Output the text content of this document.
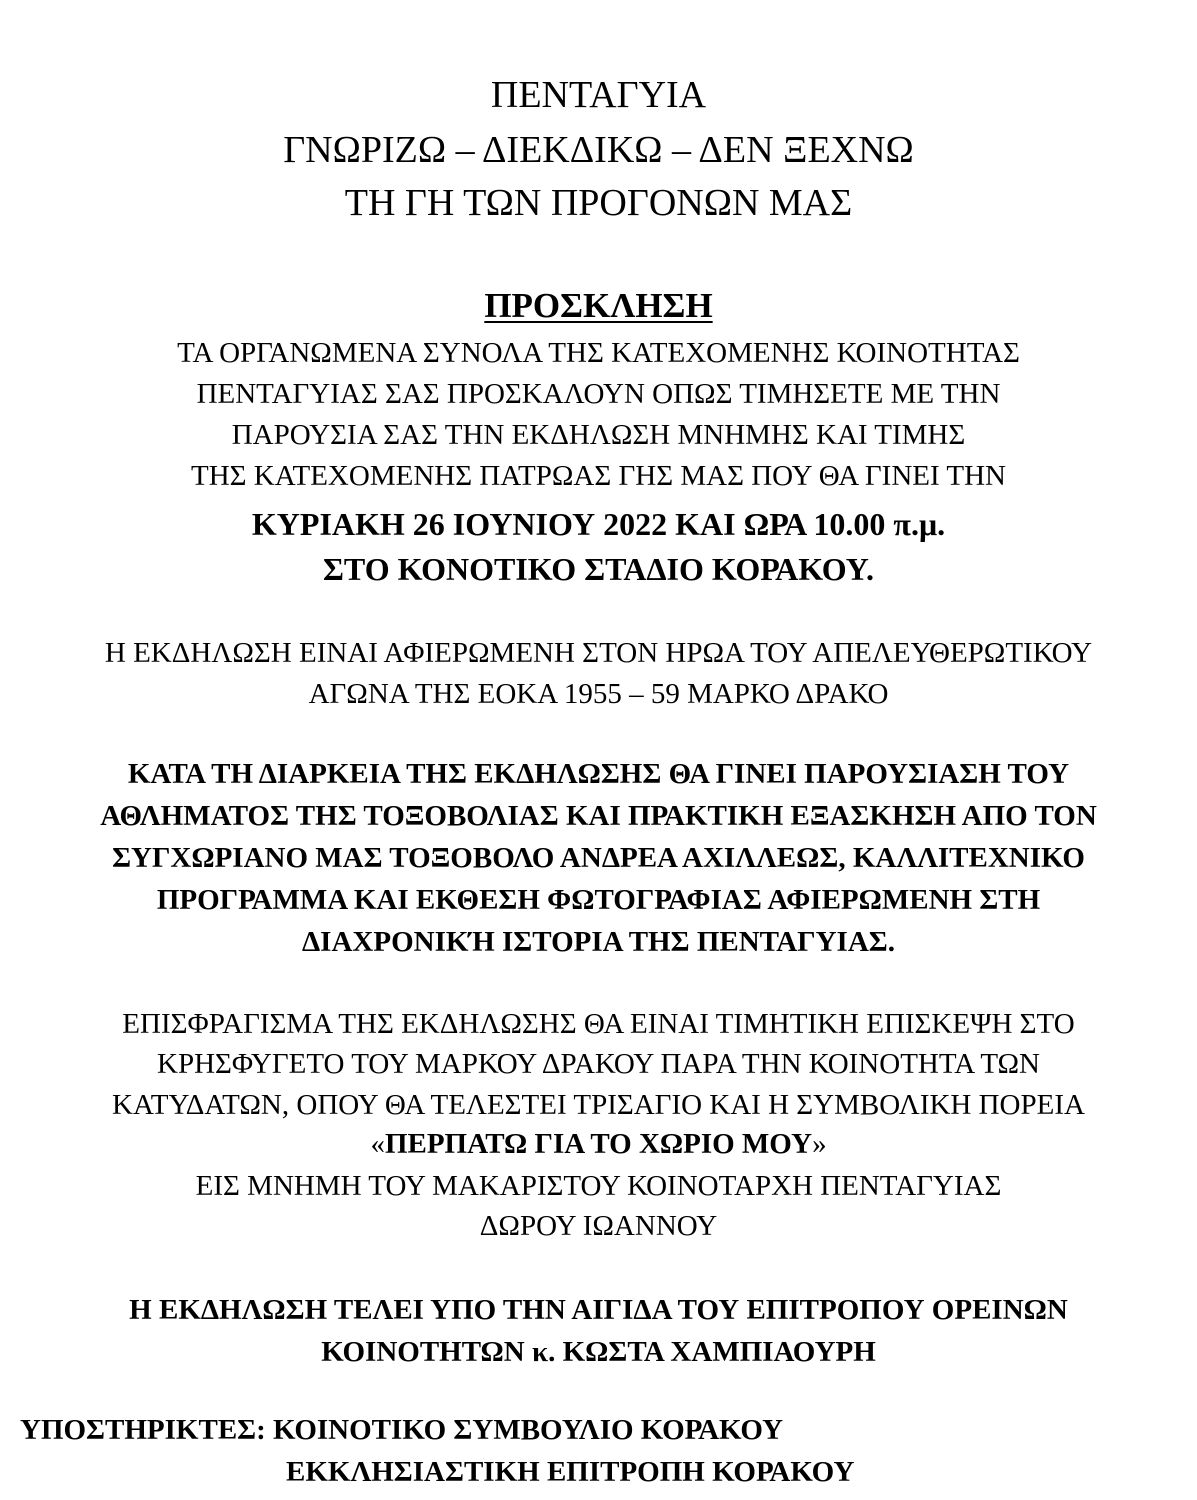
ΠΕΝΤΑΓΥΙΑ
ΓΝΩΡΙΖΩ – ΔΙΕΚΔΙΚΩ – ΔΕΝ ΞΕΧΝΩ
ΤΗ ΓΗ ΤΩΝ ΠΡΟΓΟΝΩΝ ΜΑΣ
ΠΡΟΣΚΛΗΣΗ
ΤΑ ΟΡΓΑΝΩΜΕΝΑ ΣΥΝΟΛΑ ΤΗΣ ΚΑΤΕΧΟΜΕΝΗΣ ΚΟΙΝΟΤΗΤΑΣ
ΠΕΝΤΑΓΥΙΑΣ ΣΑΣ ΠΡΟΣΚΑΛΟΥΝ ΟΠΩΣ ΤΙΜΗΣΕΤΕ ΜΕ ΤΗΝ
ΠΑΡΟΥΣΙΑ ΣΑΣ ΤΗΝ ΕΚΔΗΛΩΣΗ ΜΝΗΜΗΣ ΚΑΙ ΤΙΜΗΣ
ΤΗΣ ΚΑΤΕΧΟΜΕΝΗΣ ΠΑΤΡΩΑΣ ΓΗΣ ΜΑΣ ΠΟΥ ΘΑ ΓΙΝΕΙ ΤΗΝ
ΚΥΡΙΑΚΗ 26 ΙΟΥΝΙΟΥ 2022 ΚΑΙ ΩΡΑ 10.00 π.μ.
ΣΤΟ ΚΟΝΟΤΙΚΟ ΣΤΑΔΙΟ ΚΟΡΑΚΟΥ.
Η ΕΚΔΗΛΩΣΗ ΕΙΝΑΙ ΑΦΙΕΡΩΜΕΝΗ ΣΤΟΝ ΗΡΩΑ ΤΟΥ ΑΠΕΛΕΥΘΕΡΩΤΙΚΟΥ
ΑΓΩΝΑ ΤΗΣ ΕΟΚΑ 1955 – 59 ΜΑΡΚΟ ΔΡΑΚΟ
ΚΑΤΑ ΤΗ ΔΙΑΡΚΕΙΑ ΤΗΣ ΕΚΔΗΛΩΣΗΣ ΘΑ ΓΙΝΕΙ ΠΑΡΟΥΣΙΑΣΗ ΤΟΥ
ΑΘΛΗΜΑΤΟΣ ΤΗΣ ΤΟΞΟΒΟΛΙΑΣ ΚΑΙ ΠΡΑΚΤΙΚΗ ΕΞΑΣΚΗΣΗ ΑΠΟ ΤΟΝ
ΣΥΓΧΩΡΙΑΝΟ ΜΑΣ ΤΟΞΟΒΟΛΟ ΑΝΔΡΕΑ ΑΧΙΛΛΕΩΣ, ΚΑΛΛΙΤΕΧΝΙΚΟ
ΠΡΟΓΡΑΜΜΑ ΚΑΙ ΕΚΘΕΣΗ ΦΩΤΟΓΡΑΦΙΑΣ ΑΦΙΕΡΩΜΕΝΗ ΣΤΗ
ΔΙΑΧΡΟΝΙΚΉ ΙΣΤΟΡΙΑ ΤΗΣ ΠΕΝΤΑΓΥΙΑΣ.
ΕΠΙΣΦΡΑΓΙΣΜΑ ΤΗΣ ΕΚΔΗΛΩΣΗΣ ΘΑ ΕΙΝΑΙ ΤΙΜΗΤΙΚΗ ΕΠΙΣΚΕΨΗ ΣΤΟ
ΚΡΗΣΦΥΓΕΤΟ ΤΟΥ ΜΑΡΚΟΥ ΔΡΑΚΟΥ ΠΑΡΑ ΤΗΝ ΚΟΙΝΟΤΗΤΑ ΤΩΝ
ΚΑΤΥΔΑΤΩΝ, ΟΠΟΥ ΘΑ ΤΕΛΕΣΤΕΙ ΤΡΙΣΑΓΙΟ ΚΑΙ Η ΣΥΜΒΟΛΙΚΗ ΠΟΡΕΙΑ
«ΠΕΡΠΑΤΩ ΓΙΑ ΤΟ ΧΩΡΙΟ ΜΟΥ»
ΕΙΣ ΜΝΗΜΗ ΤΟΥ ΜΑΚΑΡΙΣΤΟΥ ΚΟΙΝΟΤΑΡΧΗ ΠΕΝΤΑΓΥΙΑΣ
ΔΩΡΟΥ ΙΩΑΝΝΟΥ
Η ΕΚΔΗΛΩΣΗ ΤΕΛΕΙ ΥΠΟ ΤΗΝ ΑΙΓΙΔΑ ΤΟΥ ΕΠΙΤΡΟΠΟΥ ΟΡΕΙΝΩΝ
ΚΟΙΝΟΤΗΤΩΝ κ. ΚΩΣΤΑ ΧΑΜΠΙΑΟΥΡΗ
ΥΠΟΣΤΗΡΙΚΤΕΣ: ΚΟΙΝΟΤΙΚΟ ΣΥΜΒΟΥΛΙΟ ΚΟΡΑΚΟΥ
ΕΚΚΛΗΣΙΑΣΤΙΚΗ ΕΠΙΤΡΟΠΗ ΚΟΡΑΚΟΥ
